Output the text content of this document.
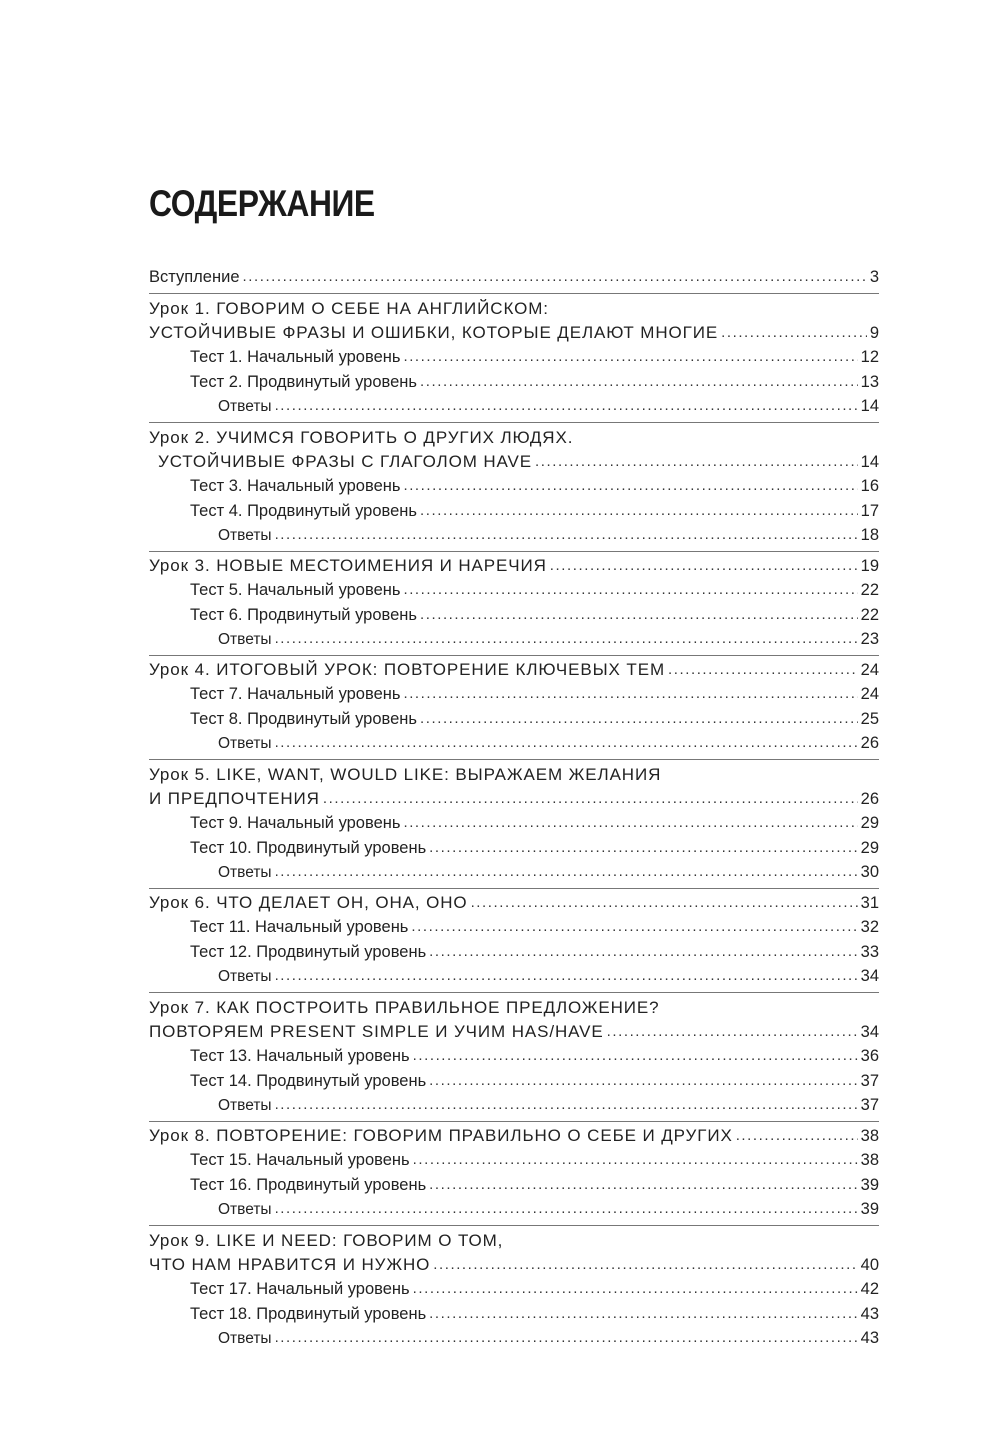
СОДЕРЖАНИЕ
Вступление . . .	3
Урок 1. ГОВОРИМ О СЕБЕ НА АНГЛИЙСКОМ:
УСТОЙЧИВЫЕ ФРАЗЫ И ОШИБКИ, КОТОРЫЕ ДЕЛАЮТ МНОГИЕ . . .	9
Тест 1. Начальный уровень . . .	12
Тест 2. Продвинутый уровень . . .	13
Ответы . . .	14
Урок 2. УЧИМСЯ ГОВОРИТЬ О ДРУГИХ ЛЮДЯХ.
УСТОЙЧИВЫЕ ФРАЗЫ С ГЛАГОЛОМ HAVE . . .	14
Тест 3. Начальный уровень . . .	16
Тест 4. Продвинутый уровень . . .	17
Ответы . . .	18
Урок 3. НОВЫЕ МЕСТОИМЕНИЯ И НАРЕЧИЯ . . .	19
Тест 5. Начальный уровень . . .	22
Тест 6. Продвинутый уровень . . .	22
Ответы . . .	23
Урок 4. ИТОГОВЫЙ УРОК: ПОВТОРЕНИЕ КЛЮЧЕВЫХ ТЕМ . . .	24
Тест 7. Начальный уровень . . .	24
Тест 8. Продвинутый уровень . . .	25
Ответы . . .	26
Урок 5. LIKE, WANT, WOULD LIKE: ВЫРАЖАЕМ ЖЕЛАНИЯ
И ПРЕДПОЧТЕНИЯ . . .	26
Тест 9. Начальный уровень . . .	29
Тест 10. Продвинутый уровень . . .	29
Ответы . . .	30
Урок 6. ЧТО ДЕЛАЕТ ОН, ОНА, ОНО . . .	31
Тест 11. Начальный уровень . . .	32
Тест 12. Продвинутый уровень . . .	33
Ответы . . .	34
Урок 7. КАК ПОСТРОИТЬ ПРАВИЛЬНОЕ ПРЕДЛОЖЕНИЕ?
ПОВТОРЯЕМ PRESENT SIMPLE И УЧИМ HAS/HAVE . . .	34
Тест 13. Начальный уровень . . .	36
Тест 14. Продвинутый уровень . . .	37
Ответы . . .	37
Урок 8. ПОВТОРЕНИЕ: ГОВОРИМ ПРАВИЛЬНО О СЕБЕ И ДРУГИХ . . .	38
Тест 15. Начальный уровень . . .	38
Тест 16. Продвинутый уровень . . .	39
Ответы . . .	39
Урок 9. LIKE И NEED: ГОВОРИМ О ТОМ,
ЧТО НАМ НРАВИТСЯ И НУЖНО . . .	40
Тест 17. Начальный уровень . . .	42
Тест 18. Продвинутый уровень . . .	43
Ответы . . .	43
